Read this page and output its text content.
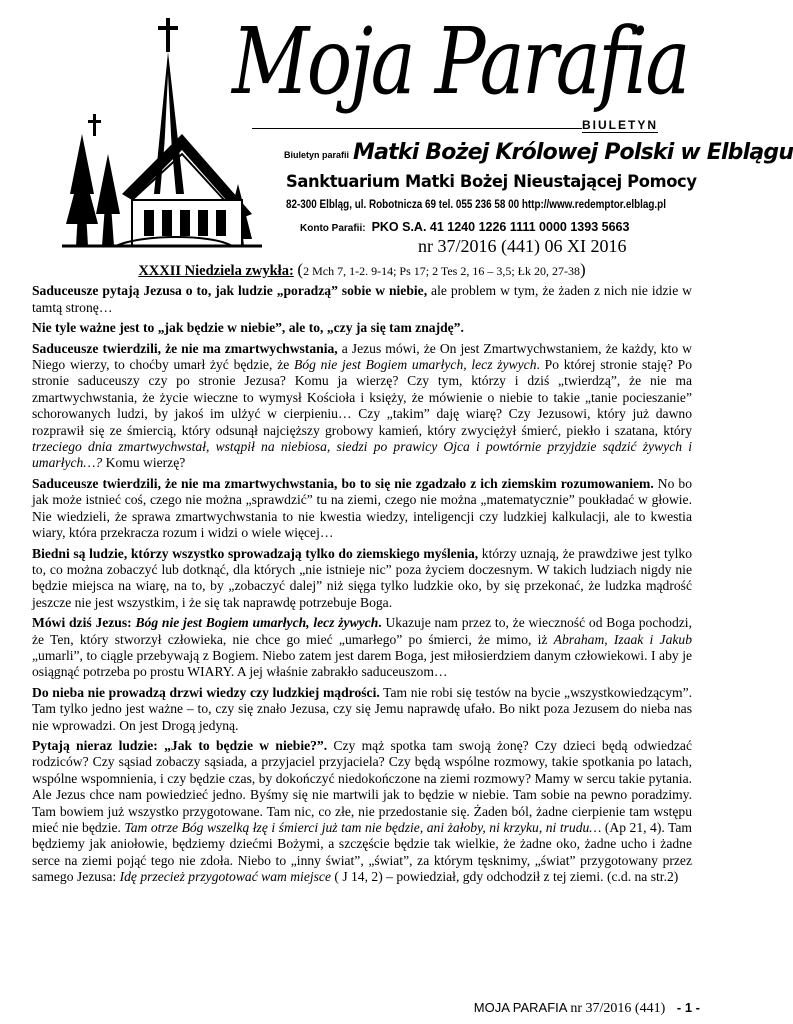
Moja Parafia
BIULETYN
Biuletyn parafii Matki Bożej Królowej Polski w Elblągu
Sanktuarium Matki Bożej Nieustającej Pomocy
82-300 Elbląg, ul. Robotnicza 69 tel. 055 236 58 00 http://www.redemptor.elblag.pl
Konto Parafii: PKO S.A. 41 1240 1226 1111 0000 1393 5663
nr 37/2016 (441) 06 XI 2016
XXXII Niedziela zwykła: (2 Mch 7, 1-2. 9-14; Ps 17; 2 Tes 2, 16 – 3,5; Łk 20, 27-38)

Saduceusze pytają Jezusa o to, jak ludzie „poradzą” sobie w niebie, ale problem w tym, że żaden z nich nie idzie w tamtą stronę…

Nie tyle ważne jest to „jak będzie w niebie”, ale to, „czy ja się tam znajdę”.

Saduceusze twierdzili, że nie ma zmartwychwstania, a Jezus mówi, że On jest Zmartwychwstaniem, że każdy, kto w Niego wierzy, to choćby umarł żyć będzie, że Bóg nie jest Bogiem umarłych, lecz żywych. Po której stronie staję? Po stronie saduceuszy czy po stronie Jezusa? Komu ja wierzę? Czy tym, którzy i dziś „twierdzą”, że nie ma zmartwychwstania, że życie wieczne to wymysł Kościoła i księży, że mówienie o niebie to takie „tanie pocieszanie” schorowanych ludzi, by jakoś im ulżyć w cierpieniu… Czy „takim” daję wiarę? Czy Jezusowi, który już dawno rozprawił się ze śmiercią, który odsunął najcięższy grobowy kamień, który zwyciężył śmierć, piekło i szatana, który trzeciego dnia zmartwychwstał, wstąpił na niebiosa, siedzi po prawicy Ojca i powtórnie przyjdzie sądzić żywych i umarłych…? Komu wierzę?

Saduceusze twierdzili, że nie ma zmartwychwstania, bo to się nie zgadzało z ich ziemskim rozumowaniem. No bo jak może istnieć coś, czego nie można „sprawdzić” tu na ziemi, czego nie można „matematycznie” poukładać w głowie. Nie wiedzieli, że sprawa zmartwychwstania to nie kwestia wiedzy, inteligencji czy ludzkiej kalkulacji, ale to kwestia wiary, która przekracza rozum i widzi o wiele więcej…

Biedni są ludzie, którzy wszystko sprowadzają tylko do ziemskiego myślenia, którzy uznają, że prawdziwe jest tylko to, co można zobaczyć lub dotknąć, dla których „nie istnieje nic” poza życiem doczesnym. W takich ludziach nigdy nie będzie miejsca na wiarę, na to, by „zobaczyć dalej” niż sięga tylko ludzkie oko, by się przekonać, że ludzka mądrość jeszcze nie jest wszystkim, i że się tak naprawdę potrzebuje Boga.

Mówi dziś Jezus: Bóg nie jest Bogiem umarłych, lecz żywych. Ukazuje nam przez to, że wieczność od Boga pochodzi, że Ten, który stworzył człowieka, nie chce go mieć „umarłego” po śmierci, że mimo, iż Abraham, Izaak i Jakub „umarli”, to ciągle przebywają z Bogiem. Niebo zatem jest darem Boga, jest miłosierdziem danym człowiekowi. I aby je osiągnąć potrzeba po prostu WIARY. A jej właśnie zabrakło saduceuszom…

Do nieba nie prowadzą drzwi wiedzy czy ludzkiej mądrości. Tam nie robi się testów na bycie „wszystkowiedzącym”. Tam tylko jedno jest ważne – to, czy się znało Jezusa, czy się Jemu naprawdę ufało. Bo nikt poza Jezusem do nieba nas nie wprowadzi. On jest Drogą jedyną.

Pytają nieraz ludzie: „Jak to będzie w niebie?”. Czy mąż spotka tam swoją żonę? Czy dzieci będą odwiedzać rodziców? Czy sąsiad zobaczy sąsiada, a przyjaciel przyjaciela? Czy będą wspólne rozmowy, takie spotkania po latach, wspólne wspomnienia, i czy będzie czas, by dokończyć niedokończone na ziemi rozmowy? Mamy w sercu takie pytania. Ale Jezus chce nam powiedzieć jedno. Byśmy się nie martwili jak to będzie w niebie. Tam sobie na pewno poradzimy. Tam bowiem już wszystko przygotowane. Tam nic, co złe, nie przedostanie się. Żaden ból, żadne cierpienie tam wstępu mieć nie będzie. Tam otrze Bóg wszelką łzę i śmierci już tam nie będzie, ani żałoby, ni krzyku, ni trudu… (Ap 21, 4). Tam będziemy jak aniołowie, będziemy dziećmi Bożymi, a szczęście będzie tak wielkie, że żadne oko, żadne ucho i żadne serce na ziemi pojąć tego nie zdoła. Niebo to „inny świat”, „świat”, za którym tęsknimy, „świat” przygotowany przez samego Jezusa: Idę przecież przygotować wam miejsce ( J 14, 2) – powiedział, gdy odchodził z tej ziemi. (c.d. na str.2)

MOJA PARAFIA nr 37/2016 (441) - 1 -
